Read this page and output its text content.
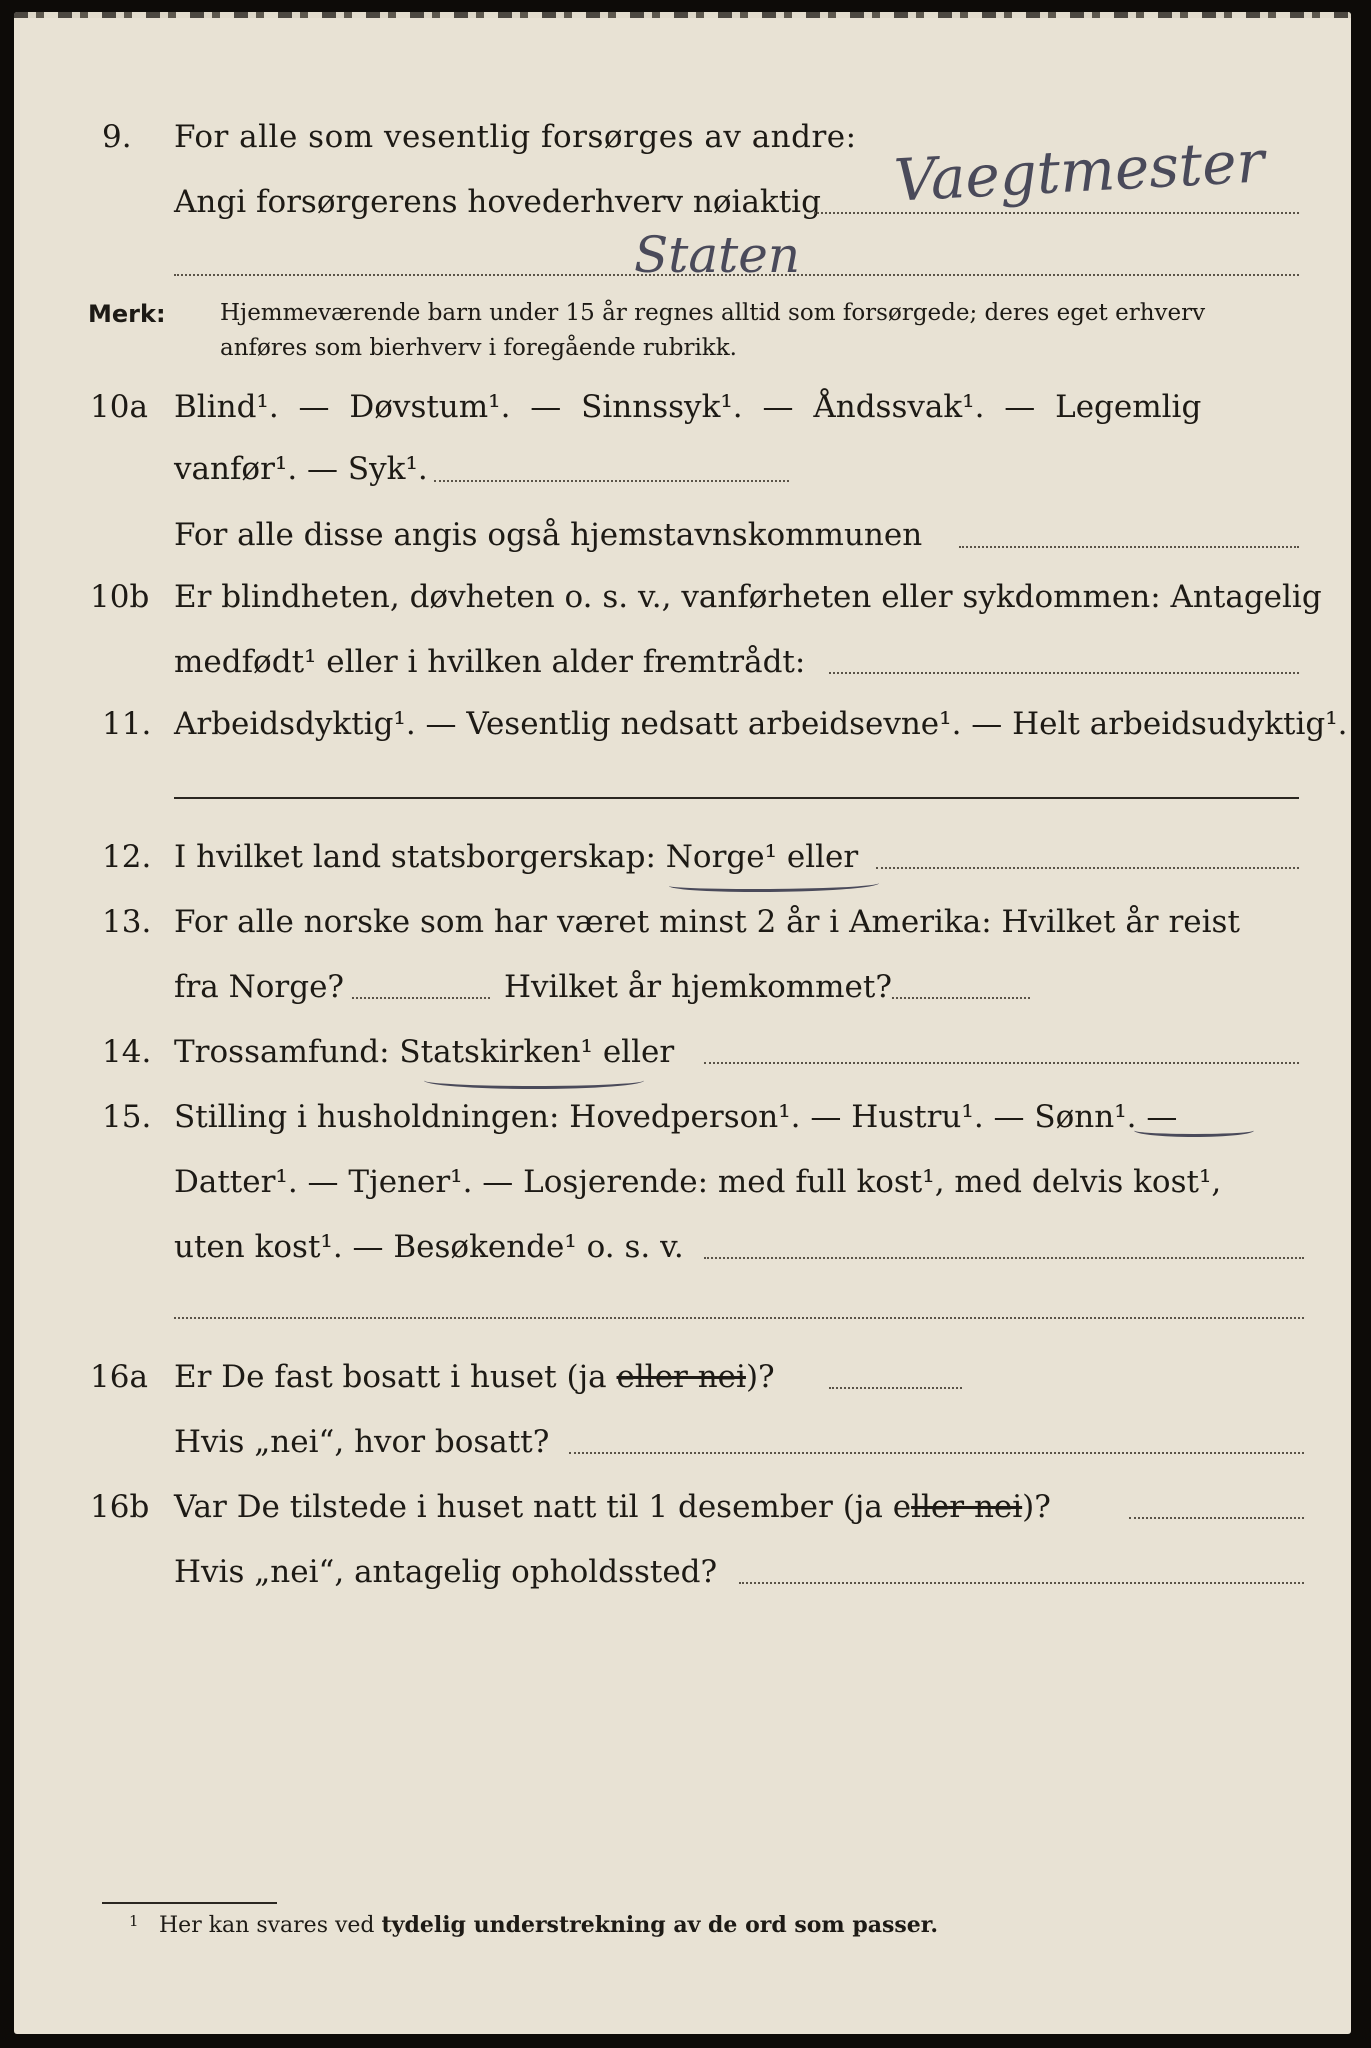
9. For alle som vesentlig forsørges av andre:
Angi forsørgerens hovederhverv nøiaktig Vaegtmester
Staten
Merk: Hjemmeværende barn under 15 år regnes alltid som forsørgede; deres eget erhverv
anføres som bierhverv i foregående rubrikk.
10a Blind¹. — Døvstum¹. — Sinnssyk¹. — Åndssvak¹. — Legemlig
vanfør¹. — Syk¹.
For alle disse angis også hjemstavnskommunen
10b Er blindheten, døvheten o. s. v., vanførheten eller sykdommen: Antagelig
medfødt¹ eller i hvilken alder fremtrådt:
11. Arbeidsdyktig¹. — Vesentlig nedsatt arbeidsevne¹. — Helt arbeidsudyktig¹.
12. I hvilket land statsborgerskap: Norge¹ eller
13. For alle norske som har været minst 2 år i Amerika: Hvilket år reist
fra Norge?	Hvilket år hjemkommet?
14. Trossamfund: Statskirken¹ eller
15. Stilling i husholdningen: Hovedperson¹. — Hustru¹. — Sønn¹. —
Datter¹. — Tjener¹. — Losjerende: med full kost¹, med delvis kost¹,
uten kost¹. — Besøkende¹ o. s. v.
16a Er De fast bosatt i huset (ja eller nei)?
Hvis „nei“, hvor bosatt?
16b Var De tilstede i huset natt til 1 desember (ja eller nei)?
Hvis „nei“, antagelig opholdssted?
1 Her kan svares ved tydelig understrekning av de ord som passer.
